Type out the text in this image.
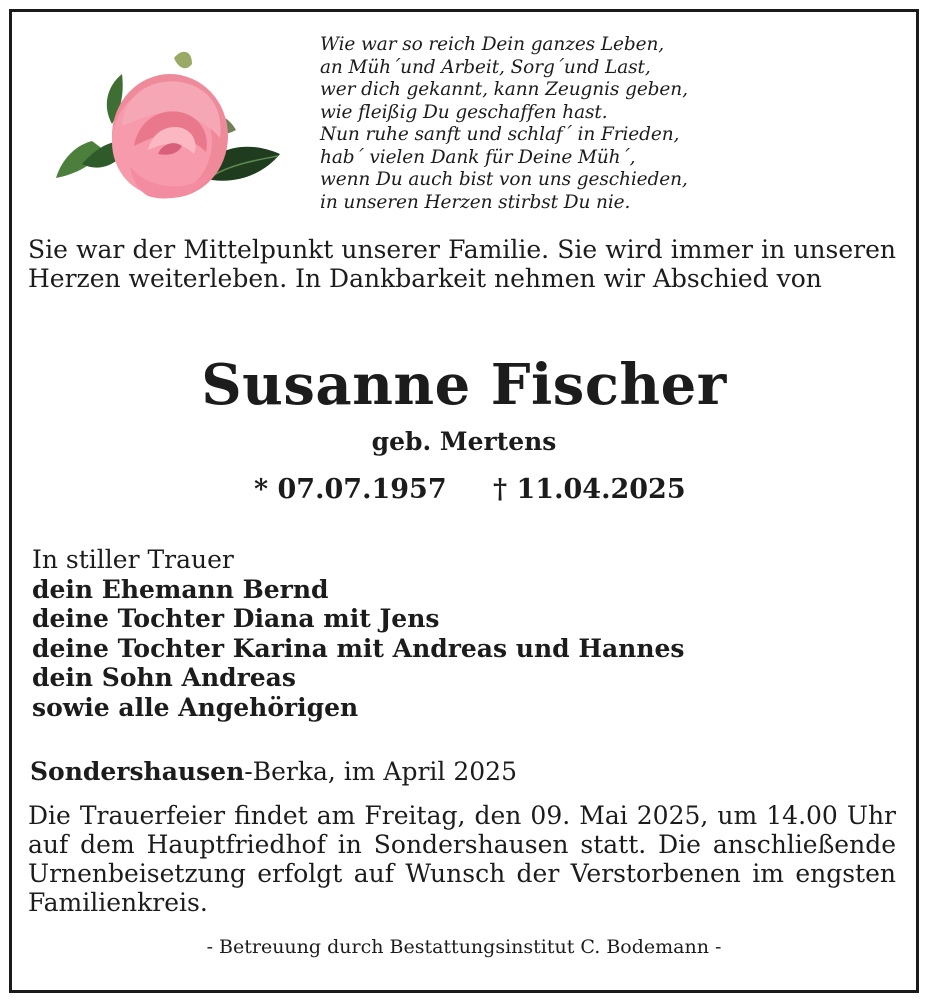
Wie war so reich Dein ganzes Leben,
an Müh´und Arbeit, Sorg´und Last,
wer dich gekannt, kann Zeugnis geben,
wie fleißig Du geschaffen hast.
Nun ruhe sanft und schlaf´ in Frieden,
hab´ vielen Dank für Deine Müh´,
wenn Du auch bist von uns geschieden,
in unseren Herzen stirbst Du nie.
Sie war der Mittelpunkt unserer Familie. Sie wird immer in unseren Herzen weiterleben. In Dankbarkeit nehmen wir Abschied von
Susanne Fischer
geb. Mertens
* 07.07.1957 † 11.04.2025
In stiller Trauer
dein Ehemann Bernd
deine Tochter Diana mit Jens
deine Tochter Karina mit Andreas und Hannes
dein Sohn Andreas
sowie alle Angehörigen
Sondershausen-Berka, im April 2025
Die Trauerfeier findet am Freitag, den 09. Mai 2025, um 14.00 Uhr auf dem Hauptfriedhof in Sondershausen statt. Die anschließende Urnenbeisetzung erfolgt auf Wunsch der Verstorbenen im engsten Familienkreis.
- Betreuung durch Bestattungsinstitut C. Bodemann -
